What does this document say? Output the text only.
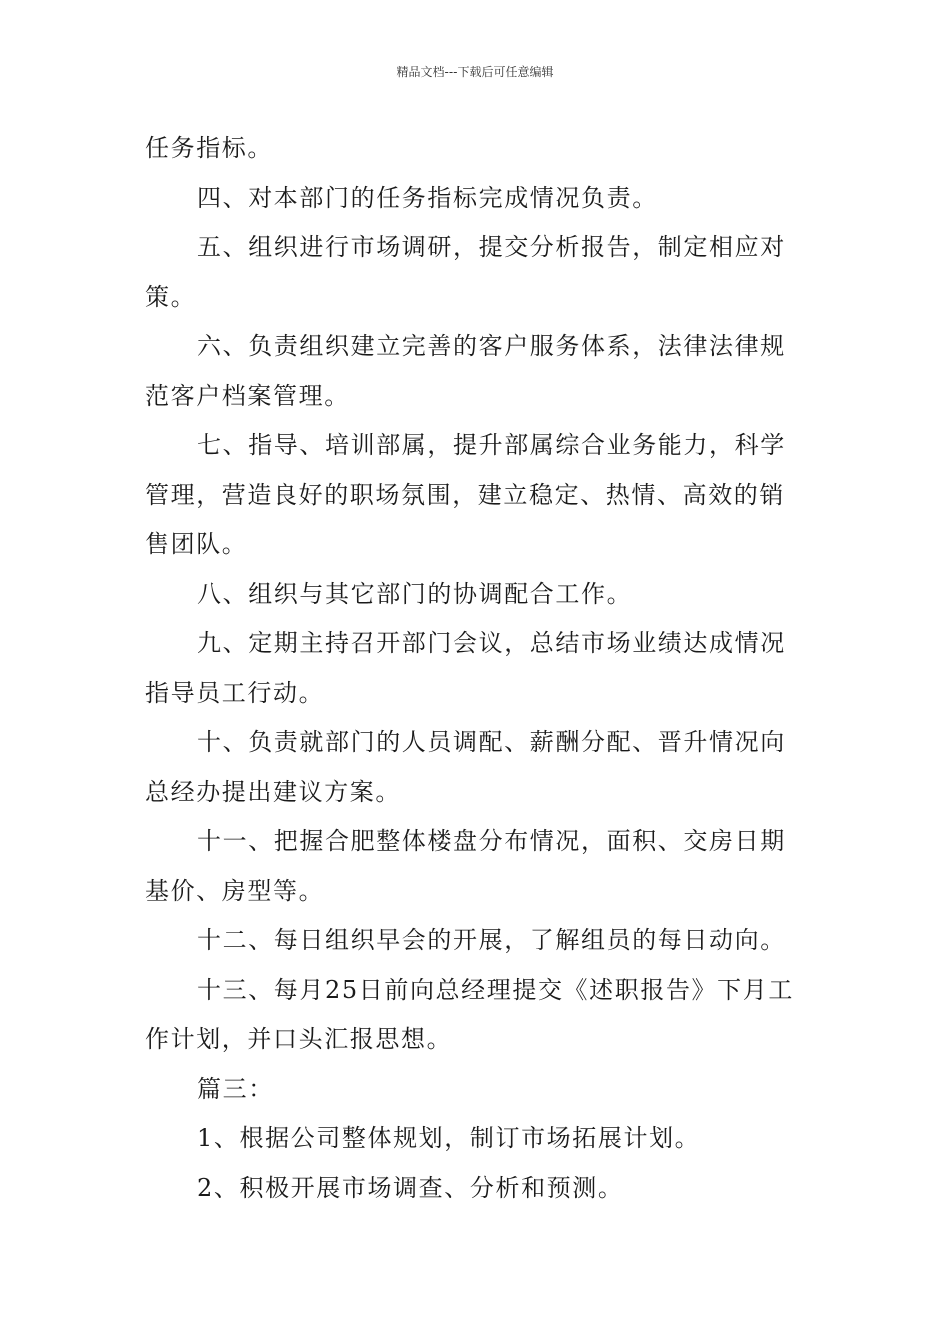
精品文档---下载后可任意编辑

任务指标。

四、对本部门的任务指标完成情况负责。

五、组织进行市场调研，提交分析报告，制定相应对策。

六、负责组织建立完善的客户服务体系，法律法律规范客户档案管理。

七、指导、培训部属，提升部属综合业务能力，科学管理，营造良好的职场氛围，建立稳定、热情、高效的销售团队。

八、组织与其它部门的协调配合工作。

九、定期主持召开部门会议，总结市场业绩达成情况指导员工行动。

十、负责就部门的人员调配、薪酬分配、晋升情况向总经办提出建议方案。

十一、把握合肥整体楼盘分布情况，面积、交房日期基价、房型等。

十二、每日组织早会的开展，了解组员的每日动向。

十三、每月25日前向总经理提交《述职报告》下月工作计划，并口头汇报思想。

篇三：

1、根据公司整体规划，制订市场拓展计划。

2、积极开展市场调查、分析和预测。
